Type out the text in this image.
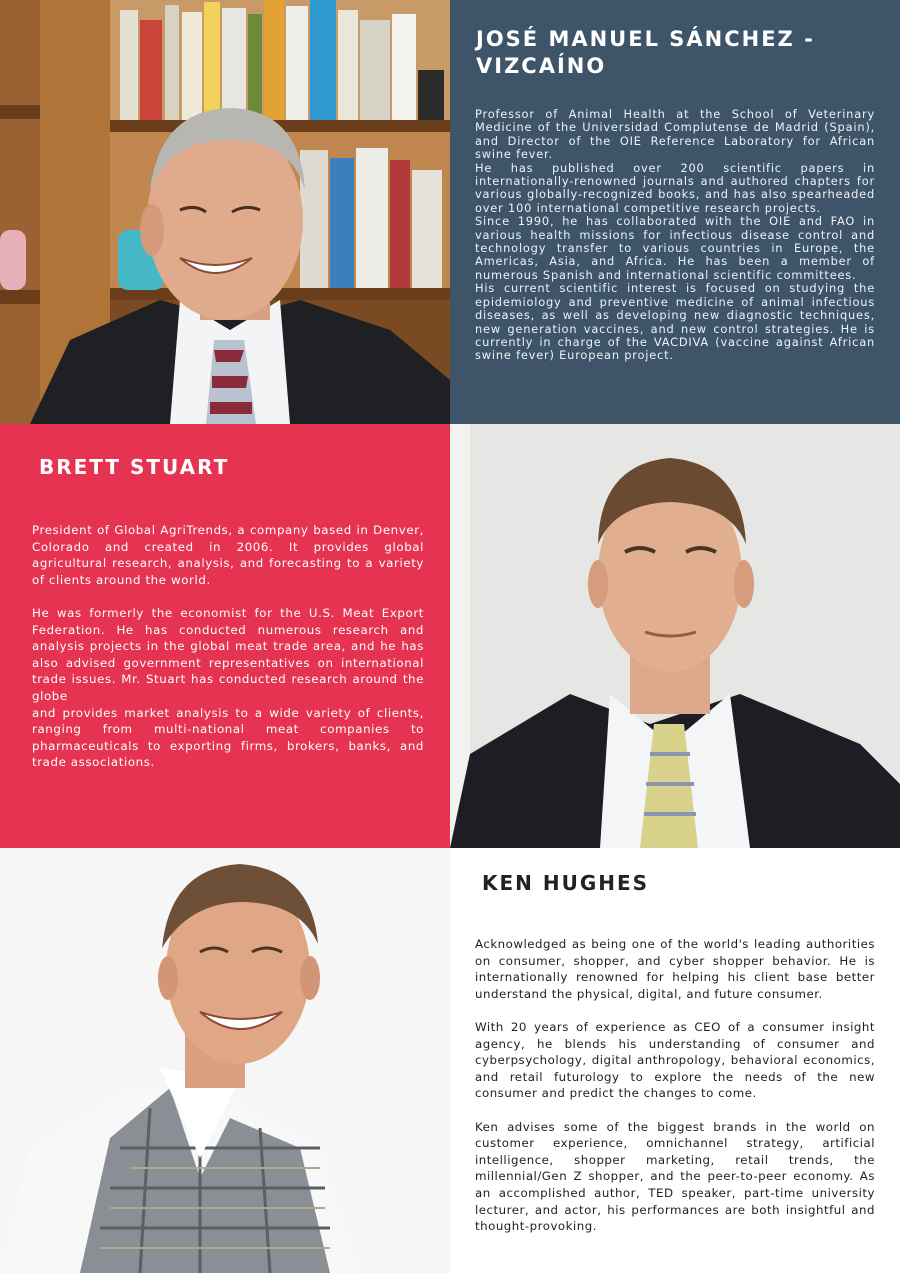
JOSÉ MANUEL SÁNCHEZ - VIZCAÍNO

Professor of Animal Health at the School of Veterinary Medicine of the Universidad Complutense de Madrid (Spain), and Director of the OIE Reference Laboratory for African swine fever.

He has published over 200 scientific papers in internationally-renowned journals and authored chapters for various globally-recognized books, and has also spearheaded over 100 international competitive research projects.

Since 1990, he has collaborated with the OIE and FAO in various health missions for infectious disease control and technology transfer to various countries in Europe, the Americas, Asia, and Africa. He has been a member of numerous Spanish and international scientific committees.

His current scientific interest is focused on studying the epidemiology and preventive medicine of animal infectious diseases, as well as developing new diagnostic techniques, new generation vaccines, and new control strategies. He is currently in charge of the VACDIVA (vaccine against African swine fever) European project.

BRETT STUART

President of Global AgriTrends, a company based in Denver, Colorado and created in 2006. It provides global agricultural research, analysis, and forecasting to a variety of clients around the world.

He was formerly the economist for the U.S. Meat Export Federation. He has conducted numerous research and analysis projects in the global meat trade area, and he has also advised government representatives on international trade issues. Mr. Stuart has conducted research around the globe

and provides market analysis to a wide variety of clients, ranging from multi-national meat companies to pharmaceuticals to exporting firms, brokers, banks, and trade associations.

KEN HUGHES

Acknowledged as being one of the world's leading authorities on consumer, shopper, and cyber shopper behavior. He is internationally renowned for helping his client base better understand the physical, digital, and future consumer.

With 20 years of experience as CEO of a consumer insight agency, he blends his understanding of consumer and cyberpsychology, digital anthropology, behavioral economics, and retail futurology to explore the needs of the new consumer and predict the changes to come.

Ken advises some of the biggest brands in the world on customer experience, omnichannel strategy, artificial intelligence, shopper marketing, retail trends, the millennial/Gen Z shopper, and the peer-to-peer economy. As an accomplished author, TED speaker, part-time university lecturer, and actor, his performances are both insightful and thought-provoking.
